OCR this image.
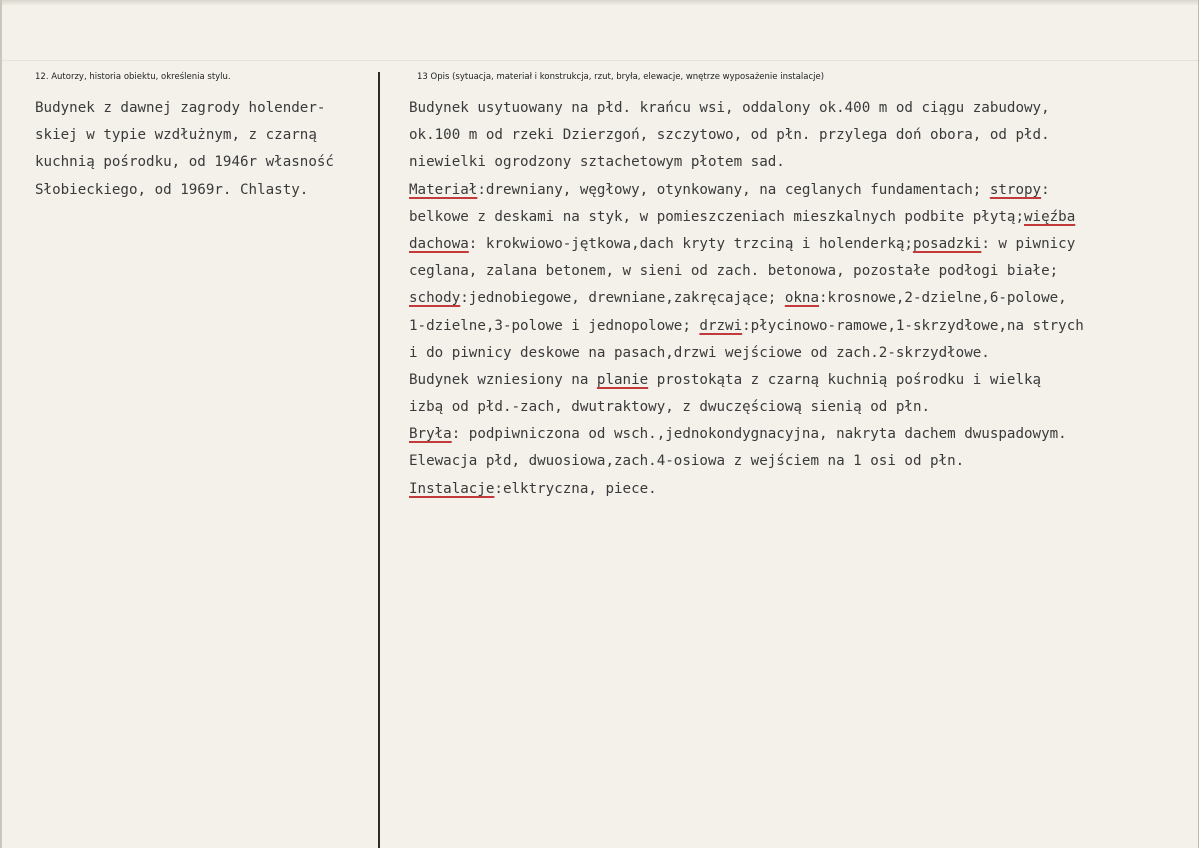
12. Autorzy, historia obiektu, określenia stylu.	13 Opis (sytuacja, materiał i konstrukcja, rzut, bryła, elewacje, wnętrze wyposażenie instalacje)
Budynek z dawnej zagrody holender-
skiej w typie wzdłużnym, z czarną
kuchnią pośrodku, od 1946r własność
Słobieckiego, od 1969r. Chlasty.
Budynek usytuowany na płd. krańcu wsi, oddalony ok.400 m od ciągu zabudowy,
ok.100 m od rzeki Dzierzgoń, szczytowo, od płn. przylega doń obora, od płd.
niewielki ogrodzony sztachetowym płotem sad.
Materiał:drewniany, węgłowy, otynkowany, na ceglanych fundamentach; stropy:
belkowe z deskami na styk, w pomieszczeniach mieszkalnych podbite płytą;więźba
dachowa: krokwiowo-jętkowa,dach kryty trzciną i holenderką;posadzki: w piwnicy
ceglana, zalana betonem, w sieni od zach. betonowa, pozostałe podłogi białe;
schody:jednobiegowe, drewniane,zakręcające; okna:krosnowe,2-dzielne,6-polowe,
1-dzielne,3-polowe i jednopolowe; drzwi:płycinowo-ramowe,1-skrzydłowe,na strych
i do piwnicy deskowe na pasach,drzwi wejściowe od zach.2-skrzydłowe.
Budynek wzniesiony na planie prostokąta z czarną kuchnią pośrodku i wielką
izbą od płd.-zach, dwutraktowy, z dwuczęściową sienią od płn.
Bryła: podpiwniczona od wsch.,jednokondygnacyjna, nakryta dachem dwuspadowym.
Elewacja płd, dwuosiowa,zach.4-osiowa z wejściem na 1 osi od płn.
Instalacje:elktryczna, piece.
